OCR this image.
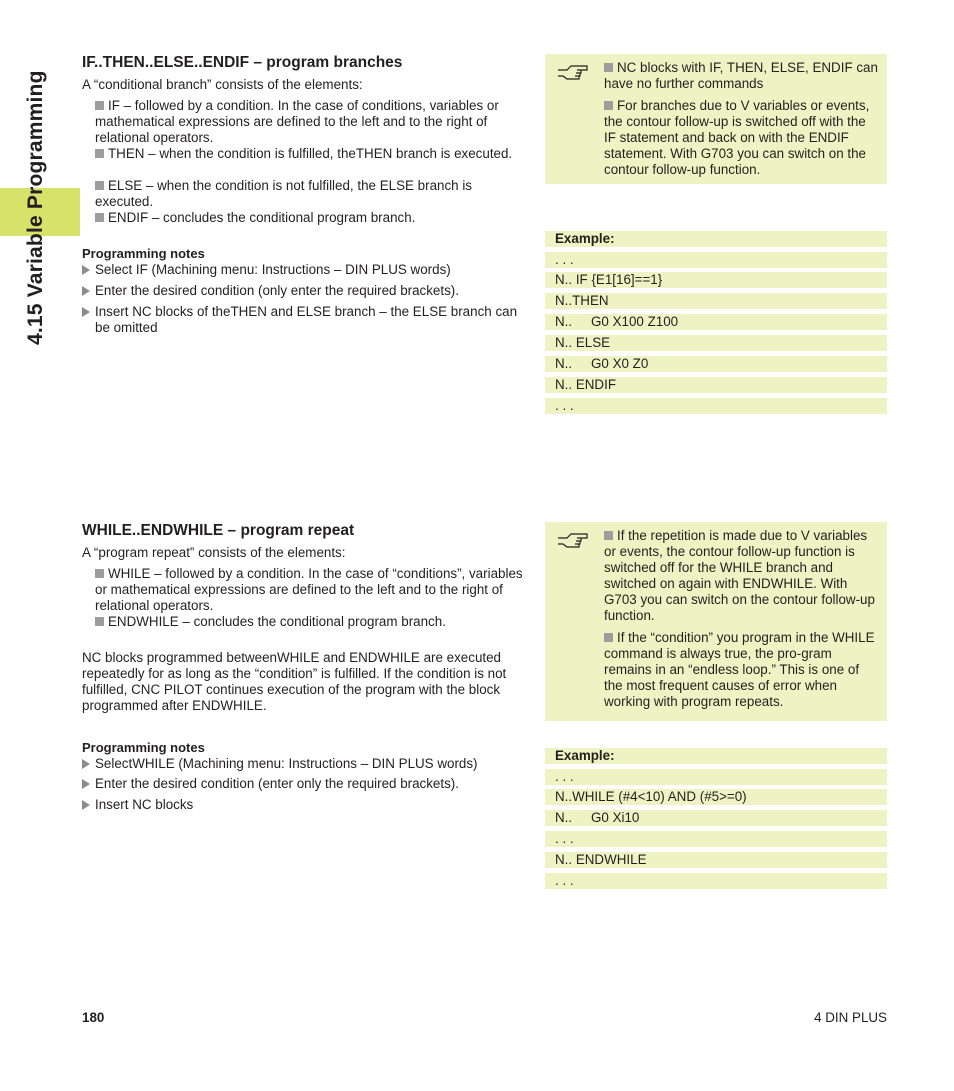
4.15 Variable Programming
IF..THEN..ELSE..ENDIF – program branches
A “conditional branch” consists of the elements:
IF – followed by a condition. In the case of conditions, variables or mathematical expressions are defined to the left and to the right of relational operators.
THEN – when the condition is fulfilled, theTHEN branch is executed.
ELSE – when the condition is not fulfilled, the ELSE branch is executed.
ENDIF – concludes the conditional program branch.
Programming notes
Select IF (Machining menu: Instructions – DIN PLUS words)
Enter the desired condition (only enter the required brackets).
Insert NC blocks of theTHEN and ELSE branch – the ELSE branch can be omitted

NC blocks with IF, THEN, ELSE, ENDIF can have no further commands

For branches due to V variables or events, the contour follow-up is switched off with the IF statement and back on with the ENDIF statement. With G703 you can switch on the contour follow-up function.

Example:
. . .
N.. IF {E1[16]==1}
N..THEN
N.. G0 X100 Z100
N.. ELSE
N.. G0 X0 Z0
N.. ENDIF
. . .
WHILE..ENDWHILE – program repeat
A “program repeat” consists of the elements:
WHILE – followed by a condition. In the case of “conditions”, variables or mathematical expressions are defined to the left and to the right of relational operators.
ENDWHILE – concludes the conditional program branch.
NC blocks programmed betweenWHILE and ENDWHILE are executed repeatedly for as long as the “condition” is fulfilled. If the condition is not fulfilled, CNC PILOT continues execution of the program with the block programmed after ENDWHILE.
Programming notes
SelectWHILE (Machining menu: Instructions – DIN PLUS words)
Enter the desired condition (enter only the required brackets).
Insert NC blocks

If the repetition is made due to V variables or events, the contour follow-up function is switched off for the WHILE branch and switched on again with ENDWHILE. With G703 you can switch on the contour follow-up function.

If the “condition” you program in the WHILE command is always true, the pro-gram remains in an “endless loop.” This is one of the most frequent causes of error when working with program repeats.

Example:
. . .
N..WHILE (#4<10) AND (#5>=0)
N.. G0 Xi10
. . .
N.. ENDWHILE
. . .
180	4 DIN PLUS
